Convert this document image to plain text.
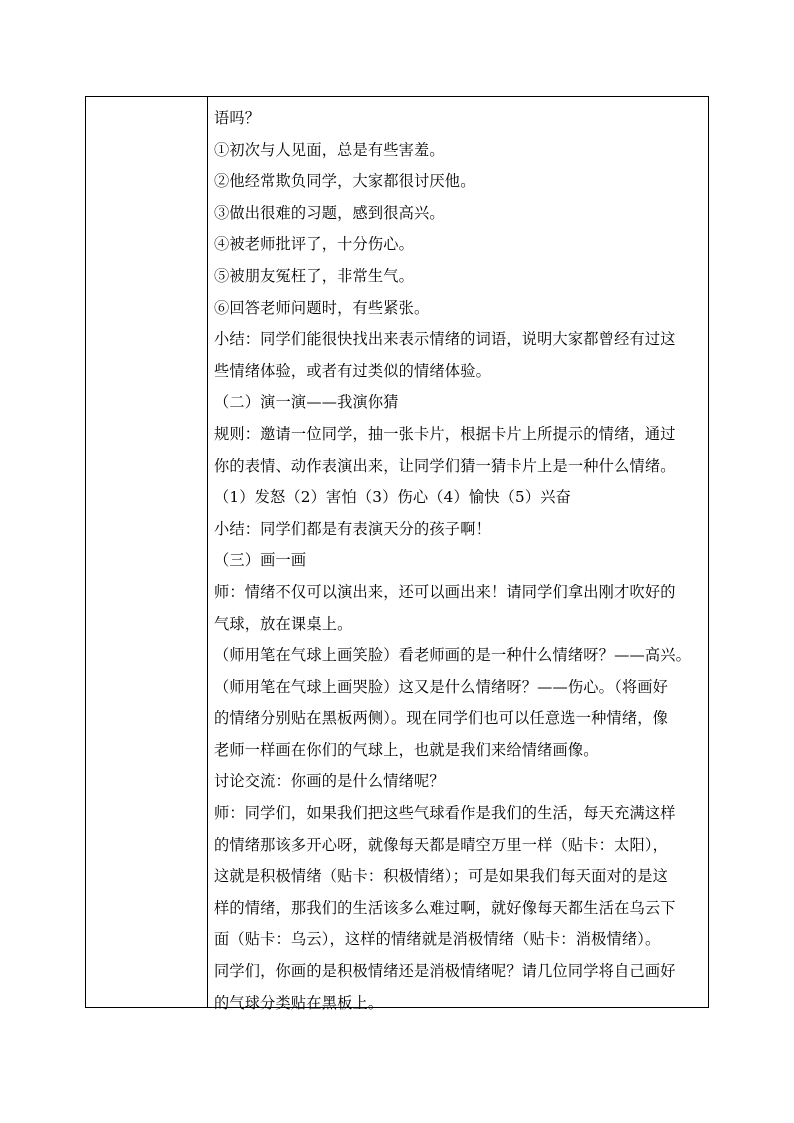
语吗？
①初次与人见面，总是有些害羞。
②他经常欺负同学，大家都很讨厌他。
③做出很难的习题，感到很高兴。
④被老师批评了，十分伤心。
⑤被朋友冤枉了，非常生气。
⑥回答老师问题时，有些紧张。
小结：同学们能很快找出来表示情绪的词语，说明大家都曾经有过这
些情绪体验，或者有过类似的情绪体验。
（二）演一演——我演你猜
规则：邀请一位同学，抽一张卡片，根据卡片上所提示的情绪，通过
你的表情、动作表演出来，让同学们猜一猜卡片上是一种什么情绪。
（1）发怒（2）害怕（3）伤心（4）愉快（5）兴奋
小结：同学们都是有表演天分的孩子啊！
（三）画一画
师：情绪不仅可以演出来，还可以画出来！请同学们拿出刚才吹好的
气球，放在课桌上。
（师用笔在气球上画笑脸）看老师画的是一种什么情绪呀？——高兴。
（师用笔在气球上画哭脸）这又是什么情绪呀？——伤心。（将画好
的情绪分别贴在黑板两侧）。现在同学们也可以任意选一种情绪，像
老师一样画在你们的气球上，也就是我们来给情绪画像。
讨论交流：你画的是什么情绪呢？
师：同学们，如果我们把这些气球看作是我们的生活，每天充满这样
的情绪那该多开心呀，就像每天都是晴空万里一样（贴卡：太阳），
这就是积极情绪（贴卡：积极情绪）；可是如果我们每天面对的是这
样的情绪，那我们的生活该多么难过啊，就好像每天都生活在乌云下
面（贴卡：乌云），这样的情绪就是消极情绪（贴卡：消极情绪）。
同学们，你画的是积极情绪还是消极情绪呢？请几位同学将自己画好
的气球分类贴在黑板上。
